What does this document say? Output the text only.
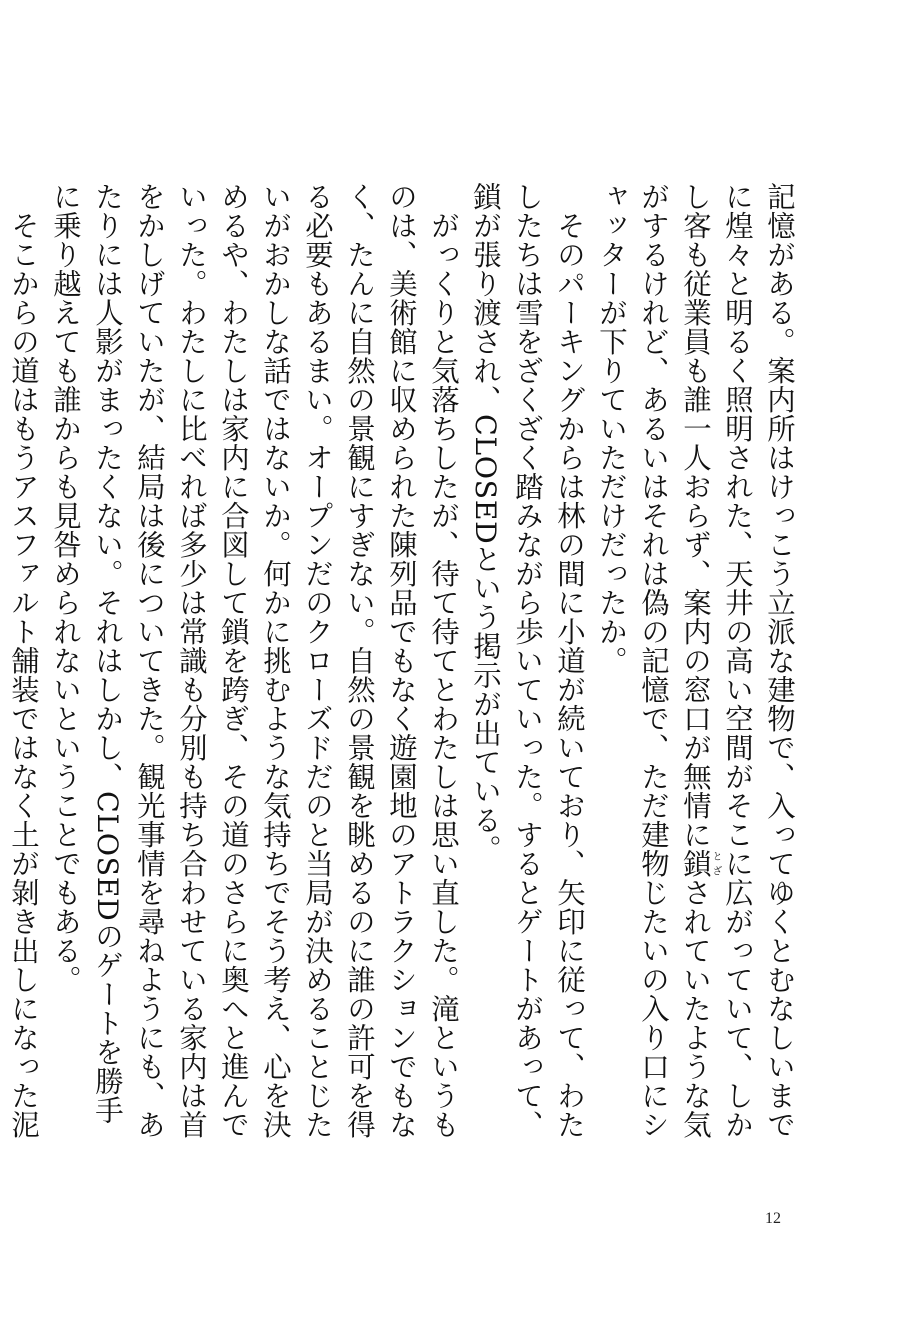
記憶がある。案内所はけっこう立派な建物で、入ってゆくとむなしいまでに煌々と明るく照明された、天井の高い空間がそこに広がっていて、しかし客も従業員も誰一人おらず、案内の窓口が無情に鎖とざされていたような気がするけれど、あるいはそれは偽の記憶で、ただ建物じたいの入り口にシャッターが下りていただけだったか。

　そのパーキングからは林の間に小道が続いており、矢印に従って、わたしたちは雪をざくざく踏みながら歩いていった。するとゲートがあって、鎖が張り渡され、CLOSEDという掲示が出ている。

　がっくりと気落ちしたが、待て待てとわたしは思い直した。滝というものは、美術館に収められた陳列品でもなく遊園地のアトラクションでもなく、たんに自然の景観にすぎない。自然の景観を眺めるのに誰の許可を得る必要もあるまい。オープンだのクローズドだのと当局が決めることじたいがおかしな話ではないか。何かに挑むような気持ちでそう考え、心を決めるや、わたしは家内に合図して鎖を跨ぎ、その道のさらに奥へと進んでいった。わたしに比べれば多少は常識も分別も持ち合わせている家内は首をかしげていたが、結局は後についてきた。観光事情を尋ねようにも、あたりには人影がまったくない。それはしかし、CLOSEDのゲートを勝手に乗り越えても誰からも見咎められないということでもある。

　そこからの道はもうアスファルト舗装ではなく土が剝き出しになった泥

12
